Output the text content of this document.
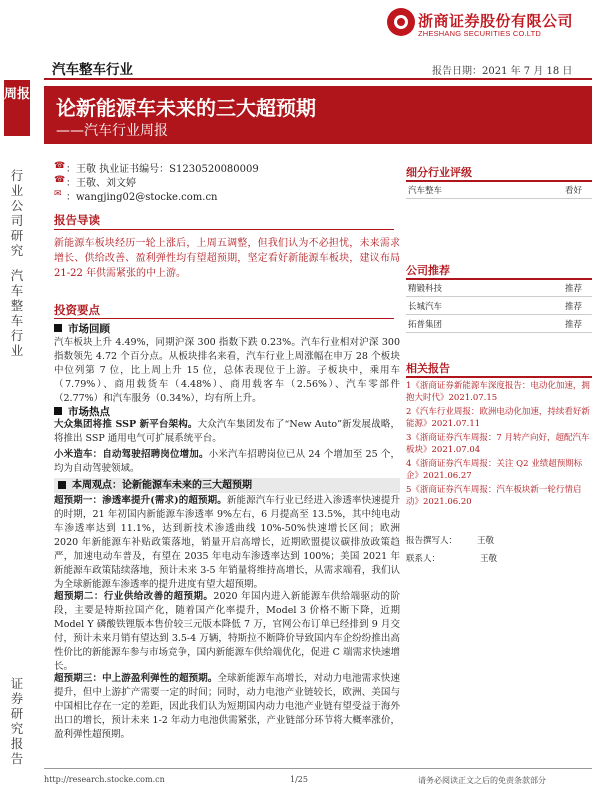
浙商证券股份有限公司
ZHESHANG SECURITIES CO.LTD
汽车整车行业	报告日期：2021 年 7 月 18 日
周报
行业公司研究
汽车整车行业
证券研究报告
论新能源车未来的三大超预期
——汽车行业周报
☎ ：王敬 执业证书编号：S1230520080009
☎ ：王敬、刘文婷
✉ ：wangjing02@stocke.com.cn
报告导读
新能源车板块经历一轮上涨后，上周五调整，但我们认为不必担忧，未来需求增长、供给改善、盈利弹性均有望超预期，坚定看好新能源车板块，建议布局 21-22 年供需紧张的中上游。
投资要点
市场回顾
汽车板块上升 4.49%，同期沪深 300 指数下跌 0.23%。汽车行业相对沪深 300 指数领先 4.72 个百分点。从板块排名来看，汽车行业上周涨幅在申万 28 个板块中位列第 7 位，比上周上升 15 位，总体表现位于上游。子板块中，乘用车（7.79%）、商用载货车（4.48%）、商用载客车（2.56%）、汽车零部件（2.77%）和汽车服务（0.34%），均有所上升。
市场热点
大众集团将推 SSP 新平台架构。大众汽车集团发布了“New Auto”新发展战略，将推出 SSP 通用电气可扩展系统平台。
小米造车：自动驾驶招聘岗位增加。小米汽车招聘岗位已从 24 个增加至 25 个，均为自动驾驶领域。
本周观点：论新能源车未来的三大超预期
超预期一：渗透率提升(需求)的超预期。新能源汽车行业已经进入渗透率快速提升的时期，21 年初国内新能源车渗透率 9%左右，6 月提高至 13.5%，其中纯电动车渗透率达到 11.1%，达到新技术渗透曲线 10%-50%快速增长区间；欧洲 2020 年新能源车补贴政策落地，销量开启高增长，近期欧盟提议碳排放政策趋严，加速电动车普及，有望在 2035 年电动车渗透率达到 100%；美国 2021 年新能源车政策陆续落地，预计未来 3-5 年销量将维持高增长，从需求端看，我们认为全球新能源车渗透率的提升进度有望大超预期。
超预期二：行业供给改善的超预期。2020 年国内进入新能源车供给端驱动的阶段，主要是特斯拉国产化，随着国产化率提升，Model 3 价格不断下降，近期 Model Y 磷酸铁锂版本售价较三元版本降低 7 万，官网公布订单已经排到 9 月交付，预计未来月销有望达到 3.5-4 万辆，特斯拉不断降价导致国内车企纷纷推出高性价比的新能源车参与市场竞争，国内新能源车供给端优化，促进 C 端需求快速增长。
超预期三：中上游盈利弹性的超预期。全球新能源车高增长，对动力电池需求快速提升，但中上游扩产需要一定的时间；同时，动力电池产业链较长，欧洲、美国与中国相比存在一定的差距，因此我们认为短期国内动力电池产业链有望受益于海外出口的增长，预计未来 1-2 年动力电池供需紧张，产业链部分环节将大概率涨价，盈利弹性超预期。
细分行业评级
汽车整车	看好
公司推荐
精锻科技	推荐
长城汽车	推荐
拓普集团	推荐
相关报告
1《浙商证券新能源车深度报告：电动化加速，拥抱大时代》2021.07.15
2《汽车行业周报：欧洲电动化加速，持续看好新能源》2021.07.11
3《浙商证券汽车周报：7 月转产向好，超配汽车板块》2021.07.04
4《浙商证券汽车周报：关注 Q2 业绩超预期标企》2021.06.27
5《浙商证券汽车周报：汽车板块新一轮行情启动》2021.06.20
报告撰写人： 王敬
联系人：	王敬
http://research.stocke.com.cn	1/25	请务必阅读正文之后的免责条款部分
